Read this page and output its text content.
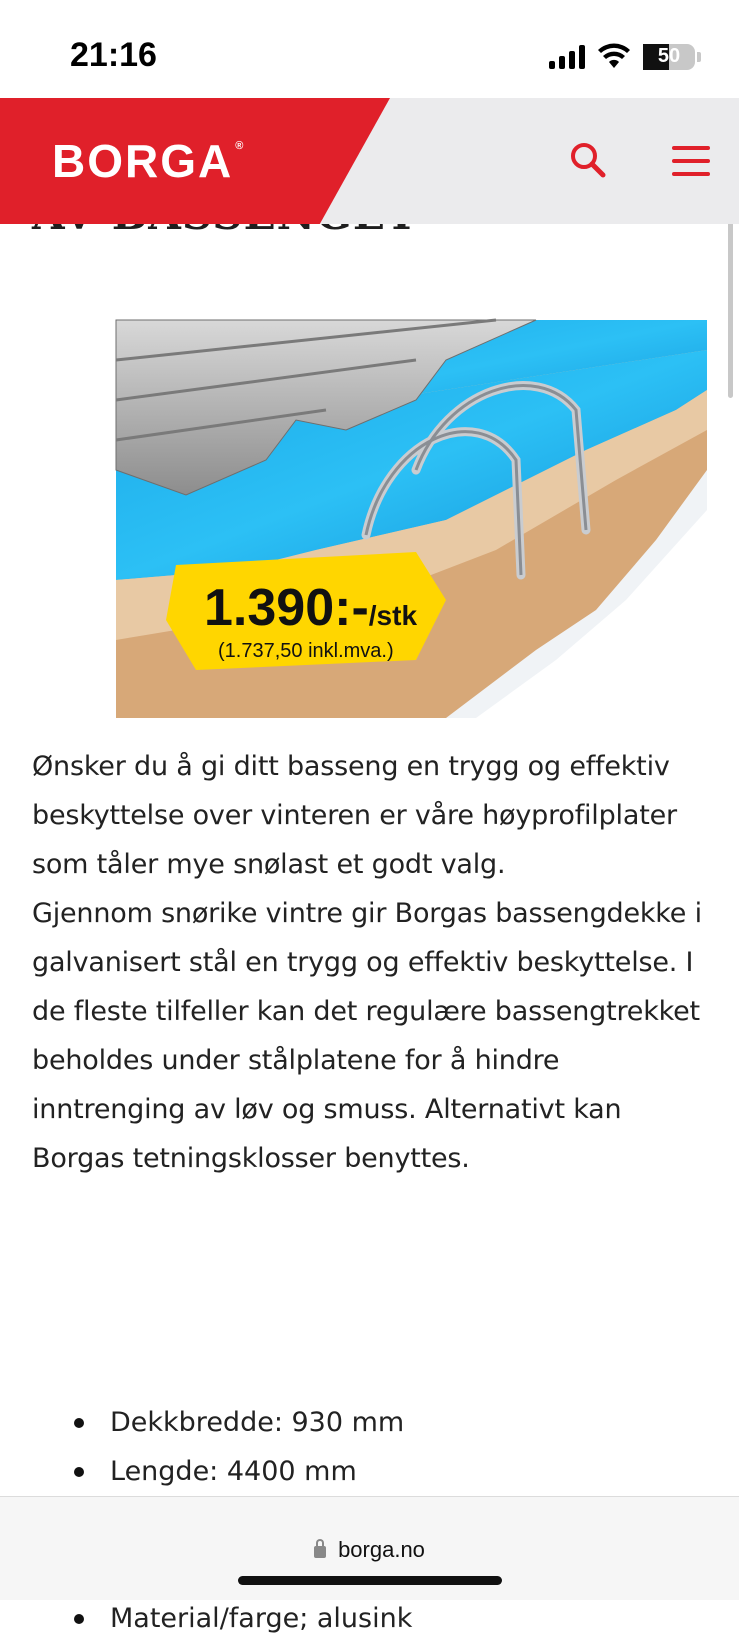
21:16	50
BORGA ®
1.390:-/stk
(1.737,50 inkl.mva.)

Ønsker du å gi ditt basseng en trygg og effektiv beskyttelse over vinteren er våre høyprofilplater som tåler mye snølast et godt valg.

Gjennom snørike vintre gir Borgas bassengdekke i galvanisert stål en trygg og effektiv beskyttelse. I de fleste tilfeller kan det regulære bassengtrekket beholdes under stålplatene for å hindre inntrenging av løv og smuss. Alternativt kan Borgas tetningsklosser benyttes.

Dekkbredde: 930 mm
Lengde: 4400 mm
Material/farge; alusink
borga.no
